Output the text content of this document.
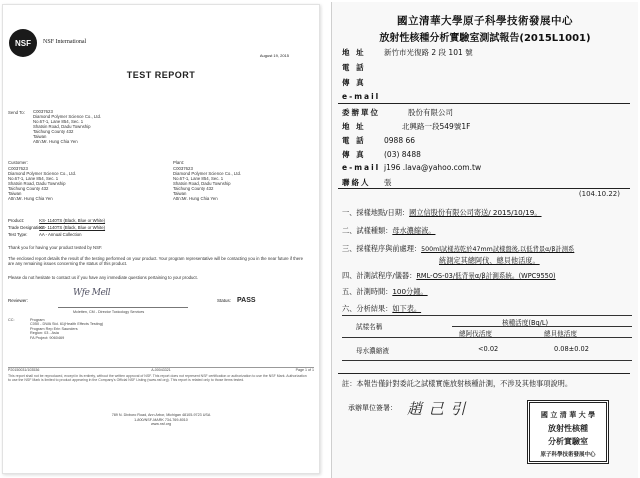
NSF	NSF International
August 19, 2015
TEST REPORT
Send To: C0037623
Diamond Polymer Science Co., Ltd.
No.67-1, Lane 854, Sec. 1
Shatsin Road, Dadu Township
Taichung County 432
Taiwan
Attn:Mr. Hung Chia Yen
Customer:
C0037623
Diamond Polymer Science Co., Ltd.
No.67-1, Lane 854, Sec. 1
Shatsin Road, Dadu Township
Taichung County 432
Taiwan
Attn:Mr. Hung Chia Yen
Plant:
C0037623
Diamond Polymer Science Co., Ltd.
No.67-1, Lane 854, Sec. 1
Shatsin Road, Dadu Township
Taichung County 432
Taiwan
Attn:Mr. Hung Chia Yen
Product:	KS- 1140TS (Black, Blue or White)
Trade Designation: KS- 1140TS (Black, Blue or White)
Test Type:	AA - Annual Collection
Thank you for having your product tested by NSF.
The enclosed report details the result of the testing performed on your product. Your program representative will be contacting you in the near future if there are any remaining issues concerning the status of this product.
Please do not hesitate to contact us if you have any immediate questions pertaining to your product.
Reviewer:
Wfe Mell
Mcletten, CM - Director Toxicology Services
Status: PASS
CC:	Program
C050 - DWA Std. 61(Health Effects Testing)
Program Rep Erin Saunders
Region: 03 - Asia
FA Project: 9060469
P20150031/103536	A-00043321	Page 1 of 1
This report shall not be reproduced, except in its entirety, without the written approval of NSF. This report does not represent NSF certification or authorization to use the NSF Mark. Authorization to use the NSF Mark is limited to product appearing in the Company's Official NSF Listing (www.nsf.org). This report is related only to those items tested.
789 N. Dixboro Road, Ann Arbor, Michigan 48105-9723 USA
1-800/NSF-MARK 734-769-8010
www.nsf.org
國立清華大學原子科學技術發展中心
放射性核種分析實驗室測試報告(2015L1001)
地 址 新竹市光復路 2 段 101 號
電 話
傳 真
e-mail
委辦單位	股份有限公司
地 址	北興路一段549號1F
電 話 0988 66
傳 真 (03) 8488
e-mail j196 .lava@yahoo.com.tw
聯絡人 張
(104.10.22)
一、採樣地點/日期：國立信股份有限公司寄送/ 2015/10/19。
二、試樣種類：母水濃縮液。
三、採樣程序與前處理：500ml試樣蒸乾於47mm試樣盤後,以低背景α/β計測系
統測定其總阿伐、總貝他活度。
四、計測試程序/儀器：RML-OS-03/低背景α/β計測系統。(WPC9550)
五、計測時間：100分鐘。
六、分析結果：如下表。
試樣名稱	核種活度(Bq/L)
總阿伐活度	總貝他活度
母水濃縮液	<0.02	0.08±0.02
註：本報告僅針對委託之試樣實施放射核種計測，不涉及其他事項說明。
承辦單位簽署： 趙 己 引	國 立 清 華 大 學
放射性核種
分析實驗室
原子科學技術發展中心
